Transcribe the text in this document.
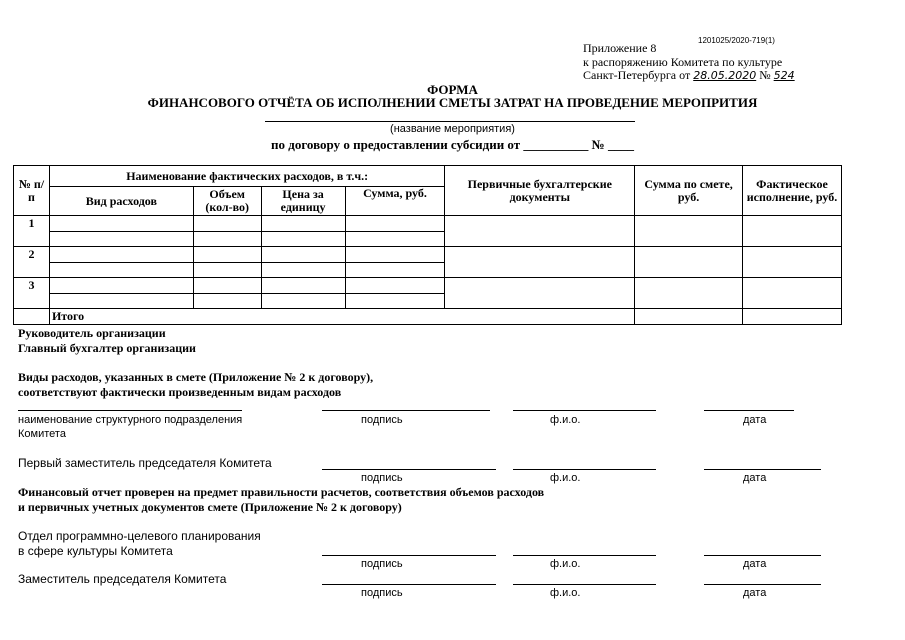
1201025/2020-719(1)
Приложение 8
к распоряжению Комитета по культуре
Санкт-Петербурга от 28.05.2020 № 524
ФОРМА
ФИНАНСОВОГО ОТЧЁТА ОБ ИСПОЛНЕНИИ СМЕТЫ ЗАТРАТ НА ПРОВЕДЕНИЕ МЕРОПРИТИЯ
(название мероприятия)
по договору о предоставлении субсидии от __________ № ____
№ п/п	Наименование фактических расходов, в т.ч.:				Первичные бухгалтерские документы	Сумма по смете, руб.	Фактическое исполнение, руб.
	Вид расходов	Объем (кол-во)	Цена за единицу	Сумма, руб.			
1							

2							

3							

	Итого						
Руководитель организации
Главный бухгалтер организации
Виды расходов, указанных в смете (Приложение № 2 к договору),
соответствуют фактически произведенным видам расходов
наименование структурного подразделения
Комитета
подпись	ф.и.о.	дата
Первый заместитель председателя Комитета
подпись	ф.и.о.	дата
Финансовый отчет проверен на предмет правильности расчетов, соответствия объемов расходов
и первичных учетных документов смете (Приложение № 2 к договору)
Отдел программно-целевого планирования
в сфере культуры Комитета
подпись	ф.и.о.	дата
Заместитель председателя Комитета
подпись	ф.и.о.	дата
